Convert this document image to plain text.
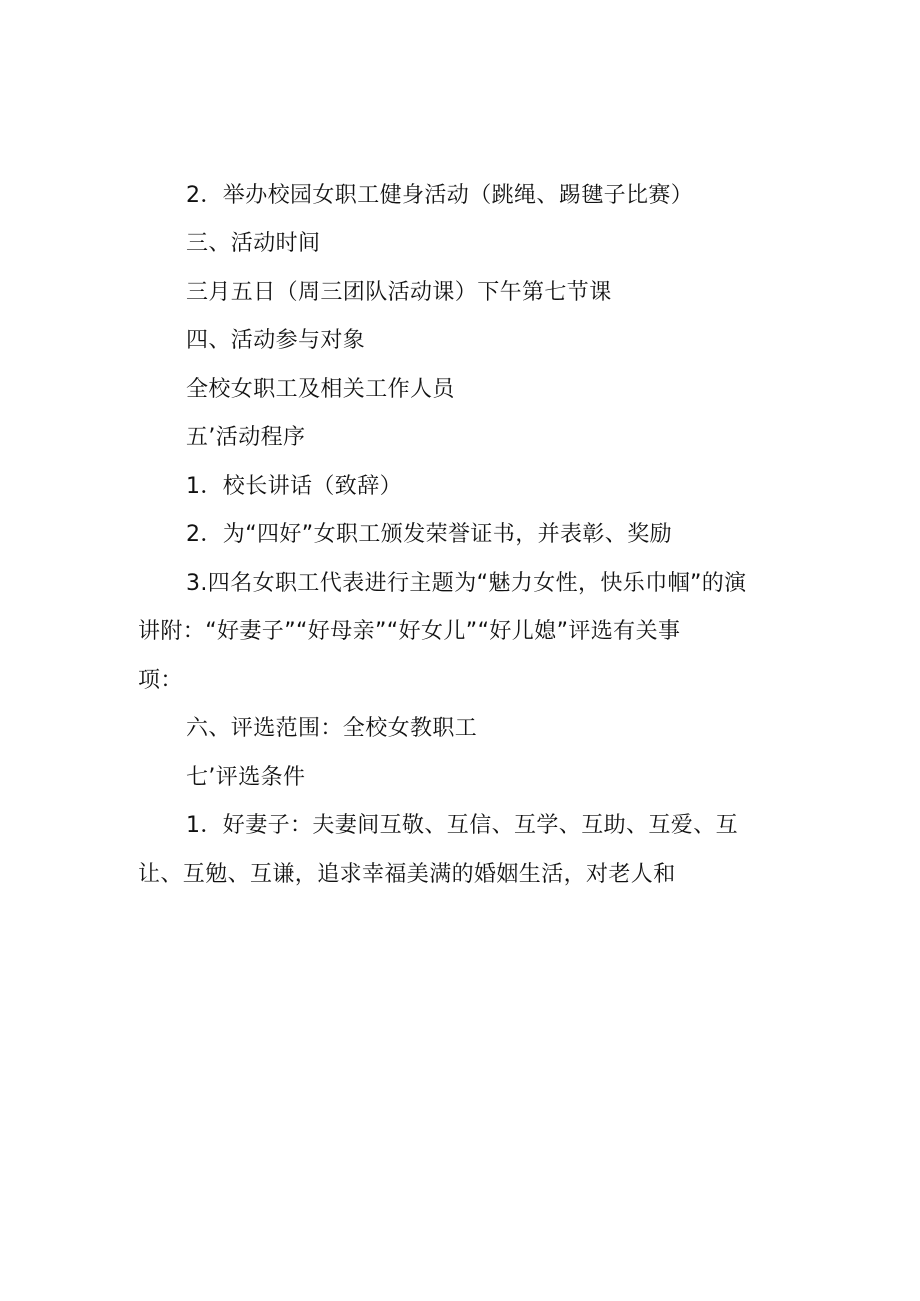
2．举办校园女职工健身活动（跳绳、踢毽子比赛）
三、活动时间
三月五日（周三团队活动课）下午第七节课
四、活动参与对象
全校女职工及相关工作人员
五’活动程序
1．校长讲话（致辞）
2．为“四好”女职工颁发荣誉证书，并表彰、奖励
3.四名女职工代表进行主题为“魅力女性，快乐巾帼”的演
讲附：“好妻子”“好母亲”“好女儿”“好儿媳”评选有关事
项：
六、评选范围：全校女教职工
七’评选条件
1．好妻子：夫妻间互敬、互信、互学、互助、互爱、互
让、互勉、互谦，追求幸福美满的婚姻生活，对老人和
